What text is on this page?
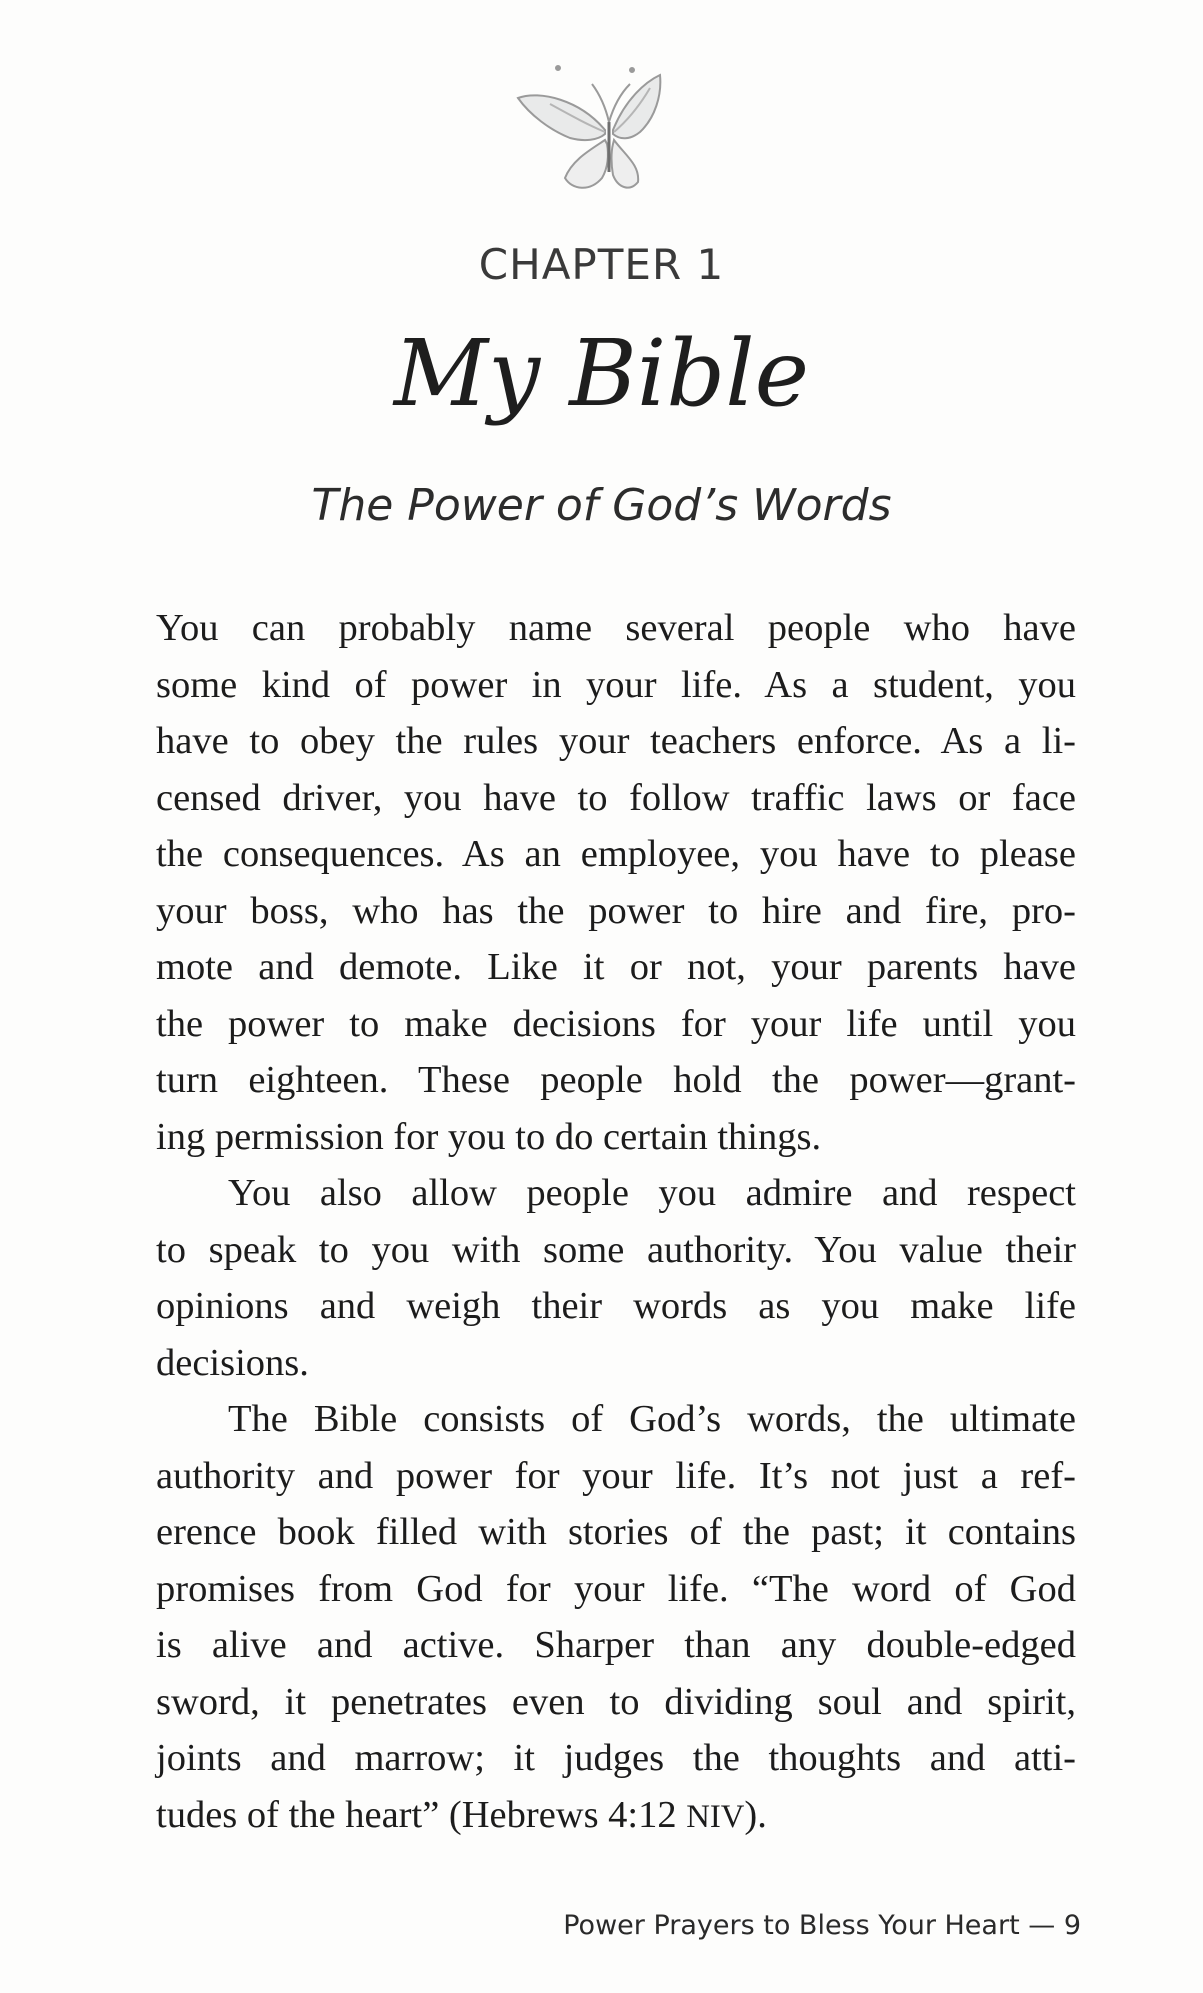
CHAPTER 1
My Bible
The Power of God’s Words

You can probably name several people who have
some kind of power in your life. As a student, you
have to obey the rules your teachers enforce. As a li-
censed driver, you have to follow traffic laws or face
the consequences. As an employee, you have to please
your boss, who has the power to hire and fire, pro-
mote and demote. Like it or not, your parents have
the power to make decisions for your life until you
turn eighteen. These people hold the power—grant-
ing permission for you to do certain things.

You also allow people you admire and respect
to speak to you with some authority. You value their
opinions and weigh their words as you make life
decisions.

The Bible consists of God’s words, the ultimate
authority and power for your life. It’s not just a ref-
erence book filled with stories of the past; it contains
promises from God for your life. “The word of God
is alive and active. Sharper than any double-edged
sword, it penetrates even to dividing soul and spirit,
joints and marrow; it judges the thoughts and atti-
tudes of the heart” (Hebrews 4:12 NIV).

Power Prayers to Bless Your Heart — 9
